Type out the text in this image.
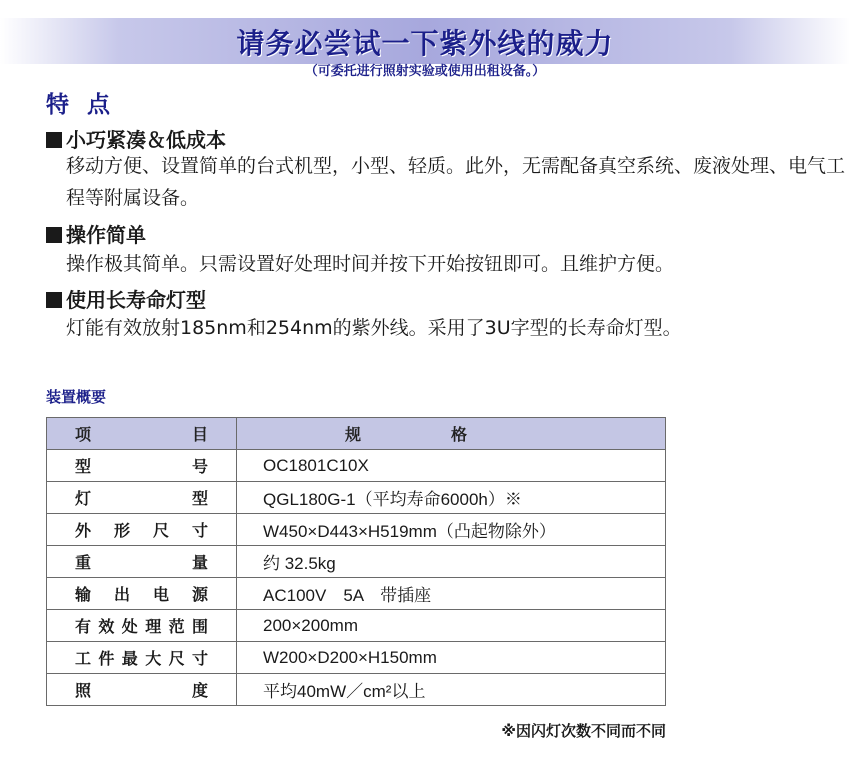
请务必尝试一下紫外线的威力
（可委托进行照射实验或使用出租设备。）
特点
小巧紧凑＆低成本
移动方便、设置简单的台式机型，小型、轻质。此外，无需配备真空系统、废液处理、电气工程等附属设备。
操作简单
操作极其简单。只需设置好处理时间并按下开始按钮即可。且维护方便。
使用长寿命灯型
灯能有效放射185nm和254nm的紫外线。采用了3U字型的长寿命灯型。
装置概要
项目	规格
型号	OC1801C10X
灯型	QGL180G-1（平均寿命6000h）※
外形尺寸	W450×D443×H519mm（凸起物除外）
重量	约 32.5kg
输出电源	AC100V　5A　带插座
有效处理范围	200×200mm
工件最大尺寸	W200×D200×H150mm
照度	平均40mW／cm²以上
※因闪灯次数不同而不同
